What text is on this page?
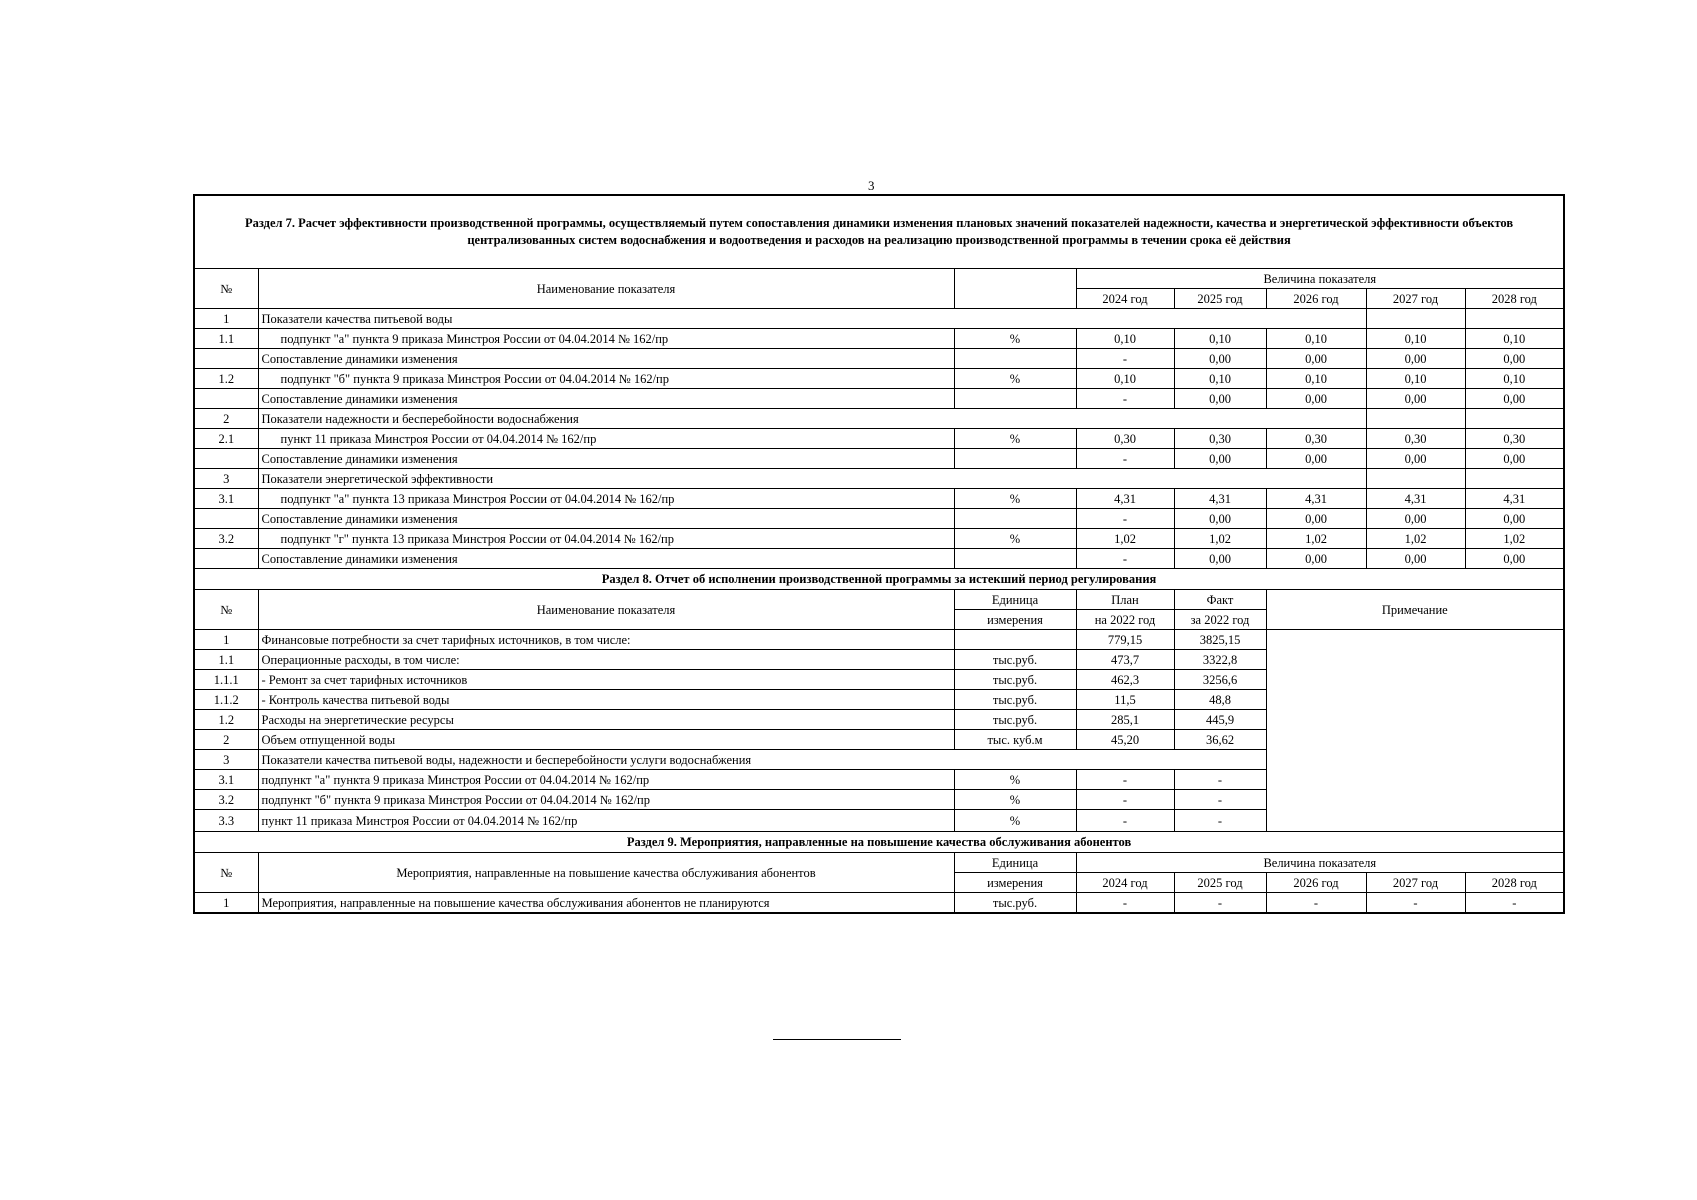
3
Раздел 7. Расчет эффективности производственной программы, осуществляемый путем сопоставления динамики изменения плановых значений показателей надежности, качества и энергетической эффективности объектов централизованных систем водоснабжения и водоотведения и расходов на реализацию производственной программы в течении срока её действия							
№	Наименование показателя		Величина показателя				
			2024 год	2025 год	2026 год	2027 год	2028 год
1	Показатели качества питьевой воды						
1.1	подпункт "а" пункта 9 приказа Минстроя России от 04.04.2014 № 162/пр	%	0,10	0,10	0,10	0,10	0,10
	Сопоставление динамики изменения		-	0,00	0,00	0,00	0,00
1.2	подпункт "б" пункта 9 приказа Минстроя России от 04.04.2014 № 162/пр	%	0,10	0,10	0,10	0,10	0,10
	Сопоставление динамики изменения		-	0,00	0,00	0,00	0,00
2	Показатели надежности и бесперебойности водоснабжения						
2.1	пункт 11 приказа Минстроя России от 04.04.2014 № 162/пр	%	0,30	0,30	0,30	0,30	0,30
	Сопоставление динамики изменения		-	0,00	0,00	0,00	0,00
3	Показатели энергетической эффективности						
3.1	подпункт "а" пункта 13 приказа Минстроя России от 04.04.2014 № 162/пр	%	4,31	4,31	4,31	4,31	4,31
	Сопоставление динамики изменения		-	0,00	0,00	0,00	0,00
3.2	подпункт "г" пункта 13 приказа Минстроя России от 04.04.2014 № 162/пр	%	1,02	1,02	1,02	1,02	1,02
	Сопоставление динамики изменения		-	0,00	0,00	0,00	0,00
Раздел 8. Отчет об исполнении производственной программы за истекший период регулирования							
№	Наименование показателя	Единица	План	Факт	Примечание		
		измерения	на 2022 год	за 2022 год			
1	Финансовые потребности за счет тарифных источников, в том числе:		779,15	3825,15			
1.1	Операционные расходы, в том числе:	тыс.руб.	473,7	3322,8			
1.1.1	- Ремонт за счет тарифных источников	тыс.руб.	462,3	3256,6			
1.1.2	- Контроль качества питьевой воды	тыс.руб.	11,5	48,8			
1.2	Расходы на энергетические ресурсы	тыс.руб.	285,1	445,9			
2	Объем отпущенной воды	тыс. куб.м	45,20	36,62			
3	Показатели качества питьевой воды, надежности и бесперебойности услуги водоснабжения						
3.1	подпункт "а" пункта 9 приказа Минстроя России от 04.04.2014 № 162/пр	%	-	-			
3.2	подпункт "б" пункта 9 приказа Минстроя России от 04.04.2014 № 162/пр	%	-	-			
3.3	пункт 11 приказа Минстроя России от 04.04.2014 № 162/пр	%	-	-			
Раздел 9. Мероприятия, направленные на повышение качества обслуживания абонентов							
№	Мероприятия, направленные на повышение качества обслуживания абонентов	Единица	Величина показателя				
		измерения	2024 год	2025 год	2026 год	2027 год	2028 год
1	Мероприятия, направленные на повышение качества обслуживания абонентов не планируются	тыс.руб.	-	-	-	-	-
